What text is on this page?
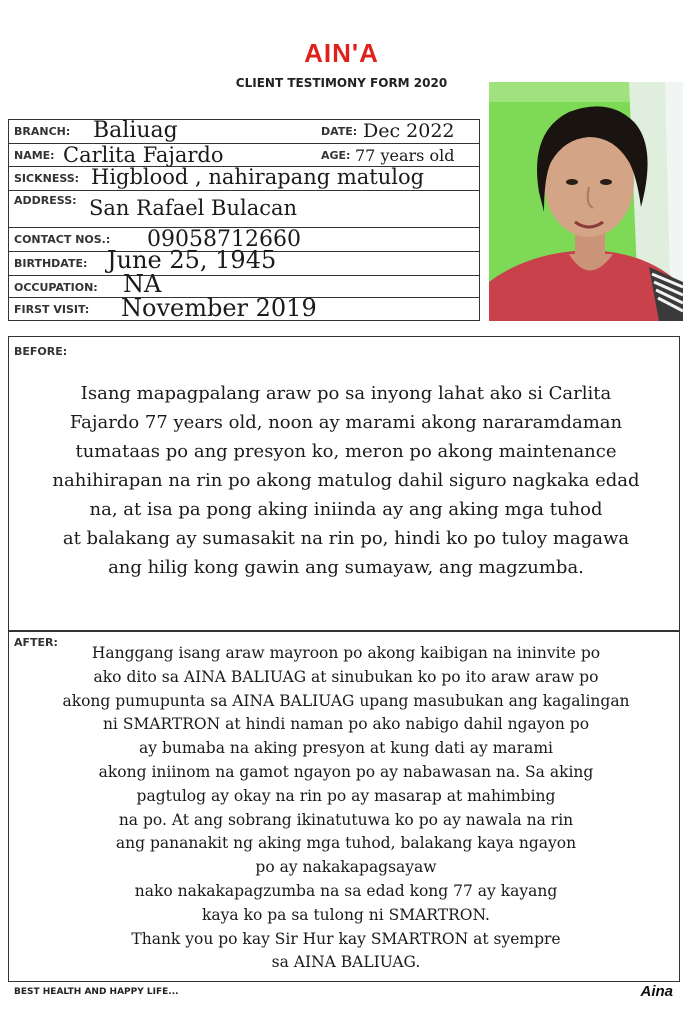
AIN'A
CLIENT TESTIMONY FORM 2020
BRANCH: Baliuag	DATE: Dec 2022
NAME: Carlita Fajardo	AGE: 77 years old
SICKNESS: Higblood , nahirapang matulog
ADDRESS: San Rafael Bulacan
CONTACT NOS.: 09058712660
BIRTHDATE: June 25, 1945
OCCUPATION: NA
FIRST VISIT: November 2019
BEFORE:
Isang mapagpalang araw po sa inyong lahat ako si Carlita
Fajardo 77 years old, noon ay marami akong nararamdaman
tumataas po ang presyon ko, meron po akong maintenance
nahihirapan na rin po akong matulog dahil siguro nagkaka edad
na, at isa pa pong aking iniinda ay ang aking mga tuhod
at balakang ay sumasakit na rin po, hindi ko po tuloy magawa
ang hilig kong gawin ang sumayaw, ang magzumba.
AFTER:
Hanggang isang araw mayroon po akong kaibigan na ininvite po
ako dito sa AINA BALIUAG at sinubukan ko po ito araw araw po
akong pumupunta sa AINA BALIUAG upang masubukan ang kagalingan
ni SMARTRON at hindi naman po ako nabigo dahil ngayon po
ay bumaba na aking presyon at kung dati ay marami
akong iniinom na gamot ngayon po ay nabawasan na. Sa aking
pagtulog ay okay na rin po ay masarap at mahimbing
na po. At ang sobrang ikinatutuwa ko po ay nawala na rin
ang pananakit ng aking mga tuhod, balakang kaya ngayon
po ay nakakapagsayaw
nako nakakapagzumba na sa edad kong 77 ay kayang
kaya ko pa sa tulong ni SMARTRON.
Thank you po kay Sir Hur kay SMARTRON at syempre
sa AINA BALIUAG.
BEST HEALTH AND HAPPY LIFE...	Aina
